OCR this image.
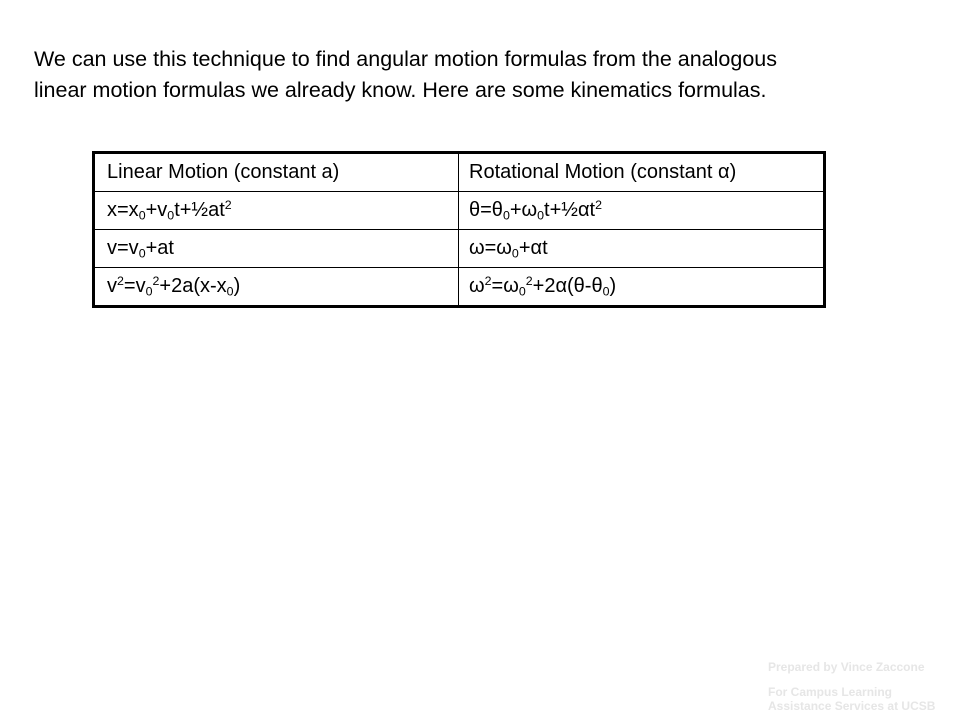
We can use this technique to find angular motion formulas from the analogous
linear motion formulas we already know. Here are some kinematics formulas.

Linear Motion (constant a)	Rotational Motion (constant α)
$x=x_0+v_0t+\frac{1}{2}at^2$	$\theta=\theta_0+\omega_0t+\frac{1}{2}\alpha t^2$
$v=v_0+at$	$\omega=\omega_0+\alpha t$
$v^2=v_0^2+2a(x-x_0)$	$\omega^2=\omega_0^2+2\alpha(\theta-\theta_0)$
Prepared by Vince Zaccone
For Campus Learning
Assistance Services at UCSB
